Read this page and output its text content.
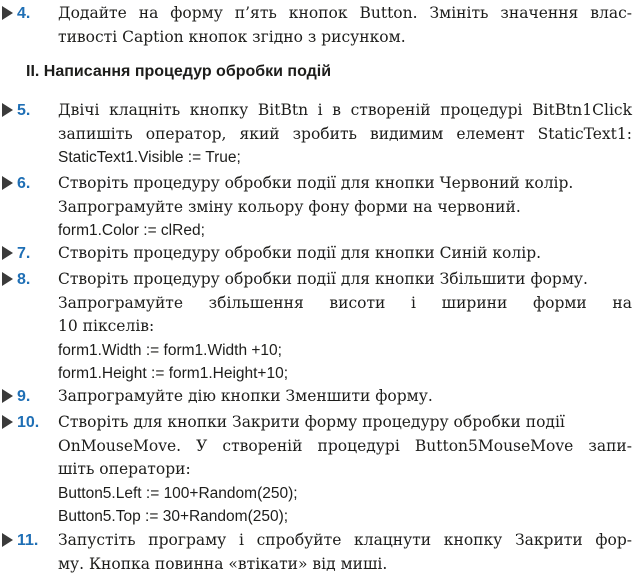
4. Додайте на форму п’ять кнопок Button. Змініть значення влас-
тивості Caption кнопок згідно з рисунком.
ІІ. Написання процедур обробки подій
5. Двічі клацніть кнопку BitBtn і в створеній процедурі BitBtn1Click
запишіть оператор, який зробить видимим елемент StaticText1:
StaticText1.Visible := True;
6. Створіть процедуру обробки події для кнопки Червоний колір.
Запрограмуйте зміну кольору фону форми на червоний.
form1.Color := clRed;
7. Створіть процедуру обробки події для кнопки Синій колір.
8. Створіть процедуру обробки події для кнопки Збільшити форму.
Запрограмуйте збільшення висоти і ширини форми на
10 пікселів:
form1.Width := form1.Width +10;
form1.Height := form1.Height+10;
9. Запрограмуйте дію кнопки Зменшити форму.
10. Створіть для кнопки Закрити форму процедуру обробки події
OnMouseMove. У створеній процедурі Button5MouseMove запи-
шіть оператори:
Button5.Left := 100+Random(250);
Button5.Top := 30+Random(250);
11. Запустіть програму і спробуйте клацнути кнопку Закрити фор-
му. Кнопка повинна «втікати» від миші.
